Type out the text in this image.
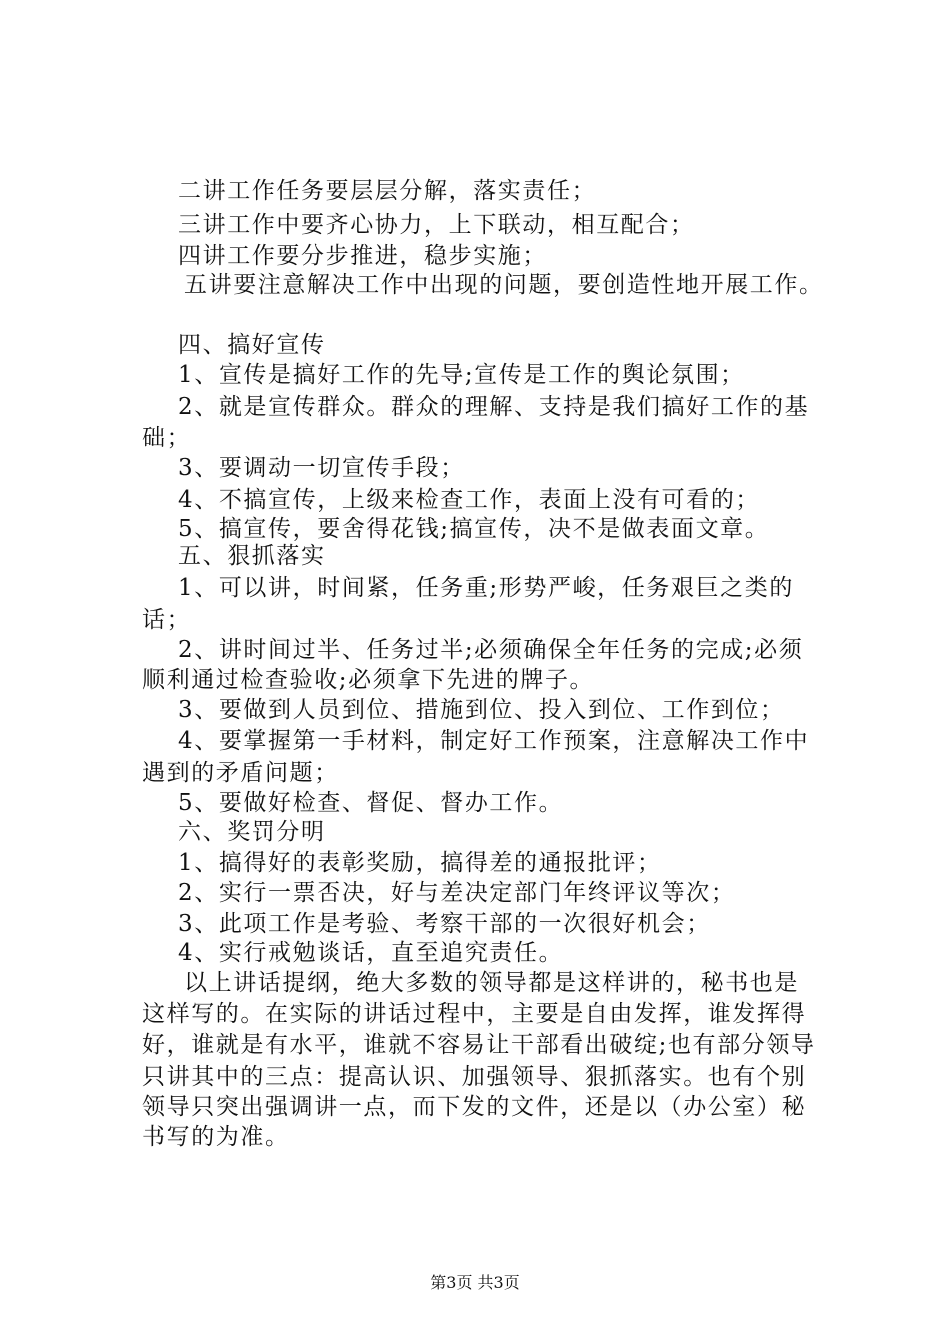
二讲工作任务要层层分解，落实责任；
三讲工作中要齐心协力，上下联动，相互配合；
四讲工作要分步推进，稳步实施；
五讲要注意解决工作中出现的问题，要创造性地开展工作。
四、搞好宣传
1、宣传是搞好工作的先导;宣传是工作的舆论氛围；
2、就是宣传群众。群众的理解、支持是我们搞好工作的基
础；
3、要调动一切宣传手段；
4、不搞宣传，上级来检查工作，表面上没有可看的；
5、搞宣传，要舍得花钱;搞宣传，决不是做表面文章。
五、狠抓落实
1、可以讲，时间紧，任务重;形势严峻，任务艰巨之类的
话；
2、讲时间过半、任务过半;必须确保全年任务的完成;必须
顺利通过检查验收;必须拿下先进的牌子。
3、要做到人员到位、措施到位、投入到位、工作到位；
4、要掌握第一手材料，制定好工作预案，注意解决工作中
遇到的矛盾问题；
5、要做好检查、督促、督办工作。
六、奖罚分明
1、搞得好的表彰奖励，搞得差的通报批评；
2、实行一票否决，好与差决定部门年终评议等次；
3、此项工作是考验、考察干部的一次很好机会；
4、实行戒勉谈话，直至追究责任。
以上讲话提纲，绝大多数的领导都是这样讲的，秘书也是
这样写的。在实际的讲话过程中，主要是自由发挥，谁发挥得
好，谁就是有水平，谁就不容易让干部看出破绽;也有部分领导
只讲其中的三点：提高认识、加强领导、狠抓落实。也有个别
领导只突出强调讲一点，而下发的文件，还是以（办公室）秘
书写的为准。
第3页 共3页
